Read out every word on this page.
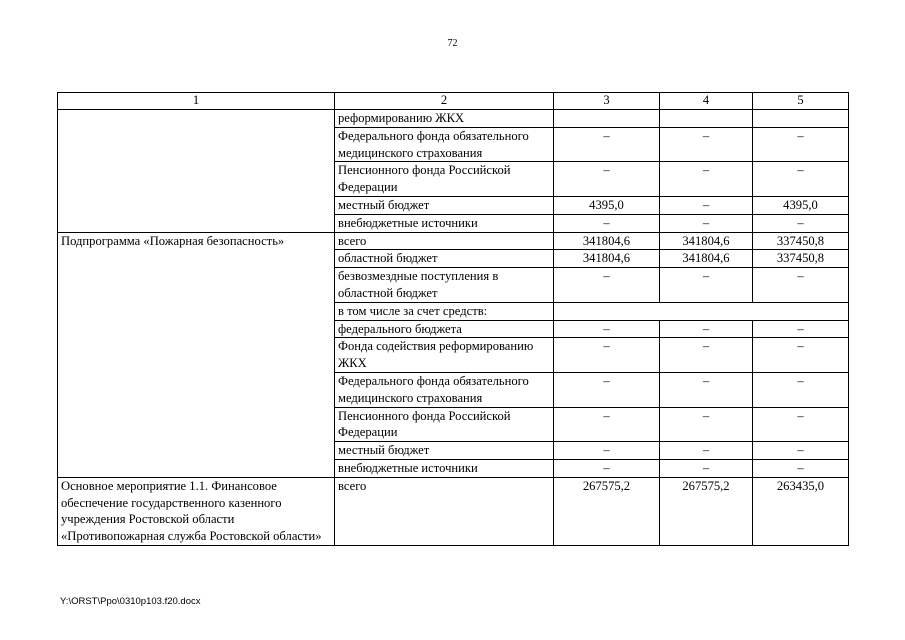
72
1	2	3	4	5
	реформированию ЖКХ			
	Федерального фонда обязательного медицинского страхования	–	–	–
	Пенсионного фонда Российской Федерации	–	–	–
	местный бюджет	4395,0	–	4395,0
	внебюджетные источники	–	–	–
Подпрограмма «Пожарная безопасность»	всего	341804,6	341804,6	337450,8
	областной бюджет	341804,6	341804,6	337450,8
	безвозмездные поступления в областной бюджет	–	–	–
	в том числе за счет средств:			
	федерального бюджета	–	–	–
	Фонда содействия реформированию ЖКХ	–	–	–
	Федерального фонда обязательного медицинского страхования	–	–	–
	Пенсионного фонда Российской Федерации	–	–	–
	местный бюджет	–	–	–
	внебюджетные источники	–	–	–
Основное мероприятие 1.1. Финансовое обеспечение государственного казенного учреждения Ростовской области «Противопожарная служба Ростовской области»	всего	267575,2	267575,2	263435,0
Y:\ORST\Ppo\0310p103.f20.docx
